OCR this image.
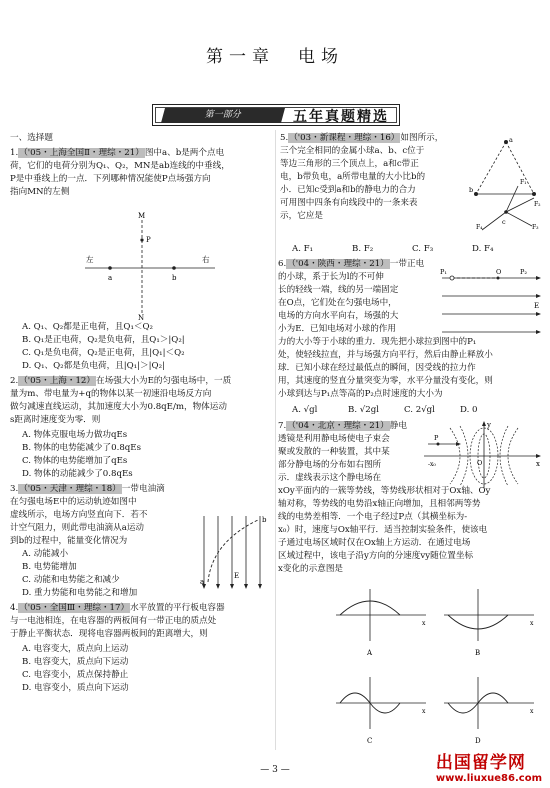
第一章　电场
第一部分	五年真题精选
一、选择题
1.（'05・上海全国Ⅱ・理综・21）图中a、b是两个点电
荷，它们的电荷分别为Q₁、Q₂，MN是ab连线的中垂线，
P是中垂线上的一点．下列哪种情况能使P点场强方向
指向MN的左侧
M
P
N
a	b
左	右
A. Q₁、Q₂都是正电荷，且Q₁＜Q₂
B. Q₁是正电荷，Q₂是负电荷，且Q₁＞|Q₂|
C. Q₁是负电荷，Q₂是正电荷，且|Q₁|＜Q₂
D. Q₁、Q₂都是负电荷，且|Q₁|＞|Q₂|
2.（'05・上海・12）在场强大小为E的匀强电场中，一质
量为m、带电量为+q的物体以某一初速沿电场反方向
做匀减速直线运动，其加速度大小为0.8qE/m，物体运动
s距离时速度变为零．则
A. 物体克服电场力做功qEs
B. 物体的电势能减少了0.8qEs
C. 物体的电势能增加了qEs
D. 物体的动能减少了0.8qEs
3.（'05・天津・理综・18）一带电油滴
在匀强电场E中的运动轨迹如图中
虚线所示，电场方向竖直向下．若不
计空气阻力，则此带电油滴从a运动
到b的过程中，能量变化情况为
a
b
E
A. 动能减小
B. 电势能增加
C. 动能和电势能之和减少
D. 重力势能和电势能之和增加
4.（'05・全国Ⅲ・理综・17）水平放置的平行板电容器
与一电池相连，在电容器的两板间有一带正电的质点处
于静止平衡状态．现将电容器两板间的距离增大，则
A. 电容变大，质点向上运动
B. 电容变大，质点向下运动
C. 电容变小，质点保持静止
D. 电容变小，质点向下运动
5.（'03・新课程・理综・16）如图所示，
三个完全相同的金属小球a、b、c位于
等边三角形的三个顶点上，a和c带正
电，b带负电，a所带电量的大小比b的
小．已知c受到a和b的静电力的合力
可用图中四条有向线段中的一条来表
示，它应是
a
b
c
F₁
F₂
F₃
F₄
A. F₁	B. F₂	C. F₃	D. F₄
6.（'04・陕西・理综・21）一带正电
的小球，系于长为l的不可伸
长的轻线一端，线的另一端固定
在O点，它们处在匀强电场中，
电场的方向水平向右，场强的大
小为E．已知电场对小球的作用
力的大小等于小球的重力．现先把小球拉到图中的P₁
处，使轻线拉直，并与场强方向平行，然后由静止释放小
球．已知小球在经过最低点的瞬间，因受线的拉力作
用，其速度的竖直分量突变为零，水平分量没有变化，则
小球到达与P₁点等高的P₂点时速度的大小为
P₁	O	P₂
E
A. √gl	B. √2gl	C. 2√gl	D. 0
7.（'04・北京・理综・21）静电
透镜是利用静电场使电子束会
聚或发散的一种装置，其中某
部分静电场的分布如右图所
示．虚线表示这个静电场在
xOy平面内的一簇等势线，等势线形状相对于Ox轴、Oy
轴对称，等势线的电势沿x轴正向增加，且相邻两等势
线的电势差相等．一个电子经过P点（其横坐标为-
x₀）时，速度与Ox轴平行．适当控制实验条件，使该电
子通过电场区域时仅在Ox轴上方运动．在通过电场
区域过程中，该电子沿y方向的分速度vy随位置坐标
x变化的示意图是
P
x
y
O
-x₀
x
A
x
B
x
C
x
D
— 3 —	出国留学网
www.liuxue86.com
